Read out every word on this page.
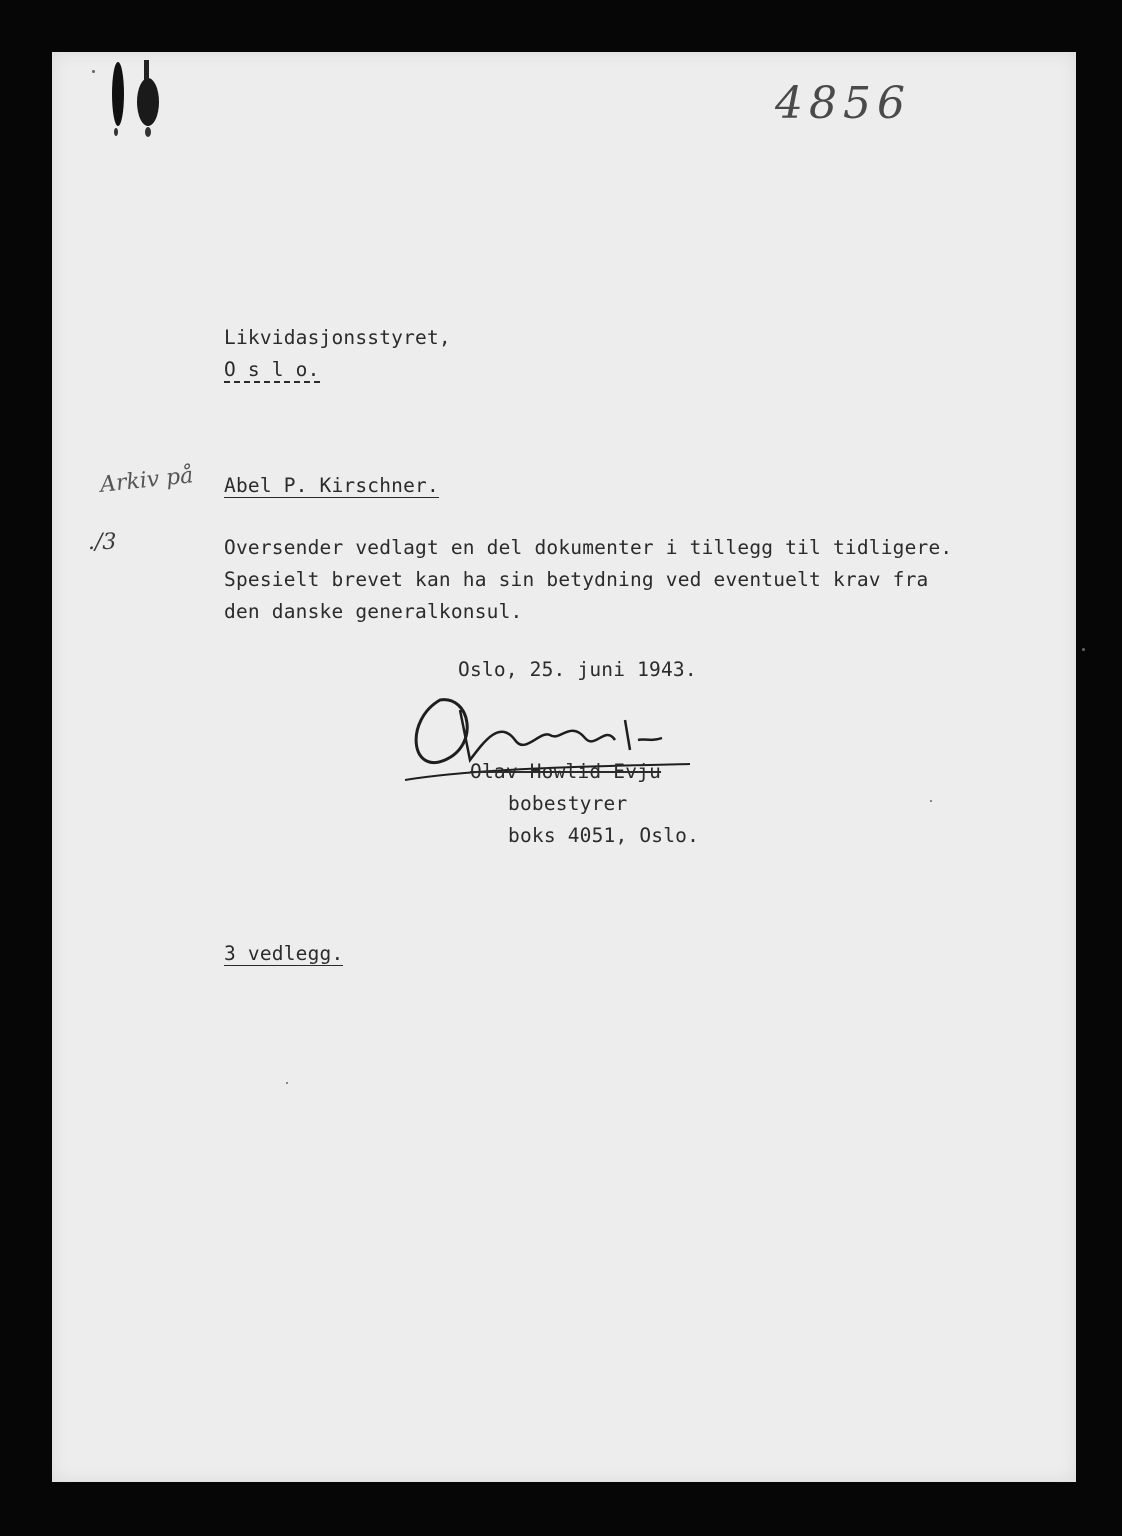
4856
Likvidasjonsstyret,
O s l o.
Arkiv på Abel P. Kirschner.
./3	Oversender vedlagt en del dokumenter i tillegg til tidligere.
Spesielt brevet kan ha sin betydning ved eventuelt krav fra
den danske generalkonsul.
Oslo, 25. juni 1943.
Olav Howlid Evju
bobestyrer
boks 4051, Oslo.
3 vedlegg.
